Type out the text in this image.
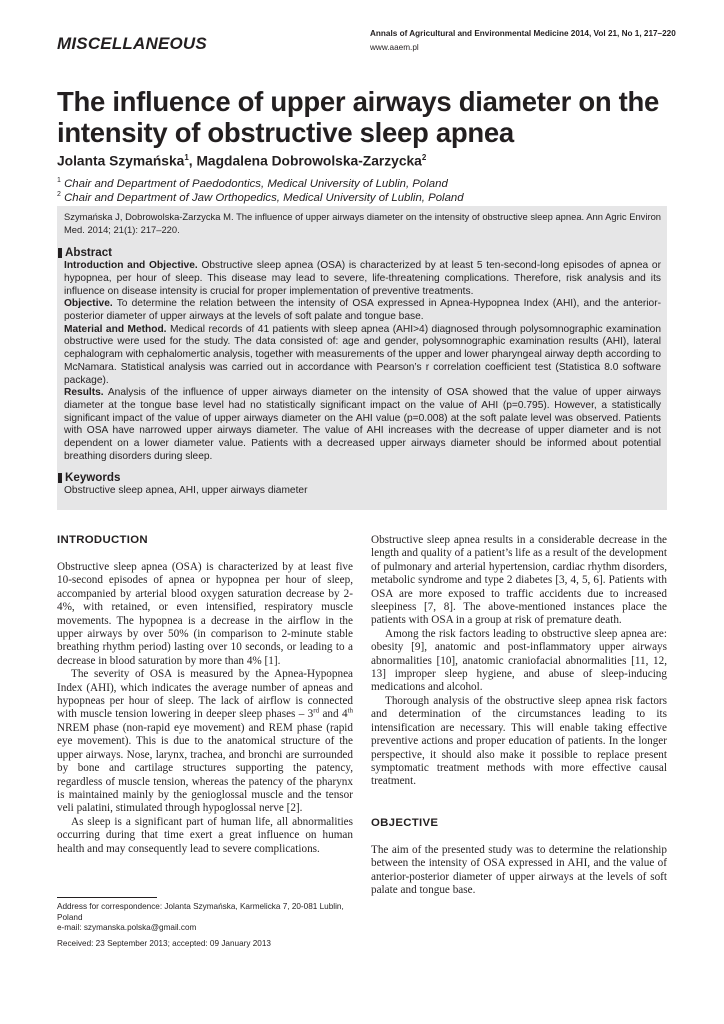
MISCELLANEOUS
Annals of Agricultural and Environmental Medicine 2014, Vol 21, No 1, 217–220
www.aaem.pl
The influence of upper airways diameter on the intensity of obstructive sleep apnea
Jolanta Szymańska$^1$, Magdalena Dobrowolska-Zarzycka$^2$
$^1$ Chair and Department of Paedodontics, Medical University of Lublin, Poland
$^2$ Chair and Department of Jaw Orthopedics, Medical University of Lublin, Poland

Szymańska J, Dobrowolska-Zarzycka M. The influence of upper airways diameter on the intensity of obstructive sleep apnea. Ann Agric Environ Med. 2014; 21(1): 217–220.

Abstract

Introduction and Objective. Obstructive sleep apnea (OSA) is characterized by at least 5 ten-second-long episodes of apnea or hypopnea, per hour of sleep. This disease may lead to severe, life-threatening complications. Therefore, risk analysis and its influence on disease intensity is crucial for proper implementation of preventive treatments.

Objective. To determine the relation between the intensity of OSA expressed in Apnea-Hypopnea Index (AHI), and the anterior-posterior diameter of upper airways at the levels of soft palate and tongue base.

Material and Method. Medical records of 41 patients with sleep apnea (AHI>4) diagnosed through polysomnographic examination obstructive were used for the study. The data consisted of: age and gender, polysomnographic examination results (AHI), lateral cephalogram with cephalomertic analysis, together with measurements of the upper and lower pharyngeal airway depth according to McNamara. Statistical analysis was carried out in accordance with Pearson’s r correlation coefficient test (Statistica 8.0 software package).

Results. Analysis of the influence of upper airways diameter on the intensity of OSA showed that the value of upper airways diameter at the tongue base level had no statistically significant impact on the value of AHI (p=0.795). However, a statistically significant impact of the value of upper airways diameter on the AHI value (p=0.008) at the soft palate level was observed. Patients with OSA have narrowed upper airways diameter. The value of AHI increases with the decrease of upper diameter and is not dependent on a lower diameter value. Patients with a decreased upper airways diameter should be informed about potential breathing disorders during sleep.

Keywords

Obstructive sleep apnea, AHI, upper airways diameter

INTRODUCTION

Obstructive sleep apnea (OSA) is characterized by at least five 10-second episodes of apnea or hypopnea per hour of sleep, accompanied by arterial blood oxygen saturation decrease by 2-4%, with retained, or even intensified, respiratory muscle movements. The hypopnea is a decrease in the airflow in the upper airways by over 50% (in comparison to 2-minute stable breathing rhythm period) lasting over 10 seconds, or leading to a decrease in blood saturation by more than 4% [1].

The severity of OSA is measured by the Apnea-Hypopnea Index (AHI), which indicates the average number of apneas and hypopneas per hour of sleep. The lack of airflow is connected with muscle tension lowering in deeper sleep phases – 3rd and 4th NREM phase (non-rapid eye movement) and REM phase (rapid eye movement). This is due to the anatomical structure of the upper airways. Nose, larynx, trachea, and bronchi are surrounded by bone and cartilage structures supporting the patency, regardless of muscle tension, whereas the patency of the pharynx is maintained mainly by the genioglossal muscle and the tensor veli palatini, stimulated through hypoglossal nerve [2].

As sleep is a significant part of human life, all abnormalities occurring during that time exert a great influence on human health and may consequently lead to severe complications.

Obstructive sleep apnea results in a considerable decrease in the length and quality of a patient’s life as a result of the development of pulmonary and arterial hypertension, cardiac rhythm disorders, metabolic syndrome and type 2 diabetes [3, 4, 5, 6]. Patients with OSA are more exposed to traffic accidents due to increased sleepiness [7, 8]. The above-mentioned instances place the patients with OSA in a group at risk of premature death.

Among the risk factors leading to obstructive sleep apnea are: obesity [9], anatomic and post-inflammatory upper airways abnormalities [10], anatomic craniofacial abnormalities [11, 12, 13] improper sleep hygiene, and abuse of sleep-inducing medications and alcohol.

Thorough analysis of the obstructive sleep apnea risk factors and determination of the circumstances leading to its intensification are necessary. This will enable taking effective preventive actions and proper education of patients. In the longer perspective, it should also make it possible to replace present symptomatic treatment methods with more effective causal treatment.

OBJECTIVE

The aim of the presented study was to determine the relationship between the intensity of OSA expressed in AHI, and the value of anterior-posterior diameter of upper airways at the levels of soft palate and tongue base.

Address for correspondence: Jolanta Szymańska, Karmelicka 7, 20-081 Lublin, Poland

e-mail: szymanska.polska@gmail.com

Received: 23 September 2013; accepted: 09 January 2013
